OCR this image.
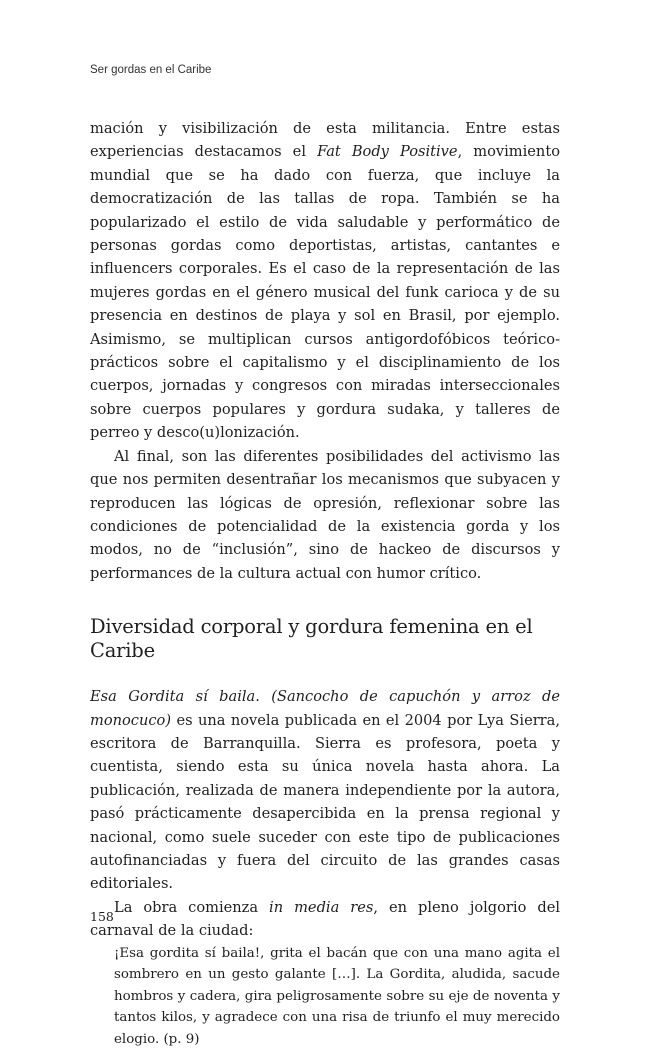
Ser gordas en el Caribe

mación y visibilización de esta militancia. Entre estas experiencias destacamos el Fat Body Positive, movimiento mundial que se ha dado con fuerza, que incluye la democratización de las tallas de ropa. También se ha popularizado el estilo de vida saludable y performático de personas gordas como deportistas, artistas, cantantes e influencers corporales. Es el caso de la representación de las mujeres gordas en el género musical del funk carioca y de su presencia en destinos de playa y sol en Brasil, por ejemplo. Asimismo, se multiplican cursos antigordofóbicos teórico-prácticos sobre el capitalismo y el disciplinamiento de los cuerpos, jornadas y congresos con miradas interseccionales sobre cuerpos populares y gordura sudaka, y talleres de perreo y desco(u)lonización.

Al final, son las diferentes posibilidades del activismo las que nos permiten desentrañar los mecanismos que subyacen y reproducen las lógicas de opresión, reflexionar sobre las condiciones de potencialidad de la existencia gorda y los modos, no de “inclusión”, sino de hackeo de discursos y performances de la cultura actual con humor crítico.

Diversidad corporal y gordura femenina en el Caribe

Esa Gordita sí baila. (Sancocho de capuchón y arroz de monocuco) es una novela publicada en el 2004 por Lya Sierra, escritora de Barranquilla. Sierra es profesora, poeta y cuentista, siendo esta su única novela hasta ahora. La publicación, realizada de manera independiente por la autora, pasó prácticamente desapercibida en la prensa regional y nacional, como suele suceder con este tipo de publicaciones autofinanciadas y fuera del circuito de las grandes casas editoriales.

La obra comienza in media res, en pleno jolgorio del carnaval de la ciudad:

¡Esa gordita sí baila!, grita el bacán que con una mano agita el sombrero en un gesto galante […]. La Gordita, aludida, sacude hombros y cadera, gira peligrosamente sobre su eje de noventa y tantos kilos, y agradece con una risa de triunfo el muy merecido elogio. (p. 9)

158
